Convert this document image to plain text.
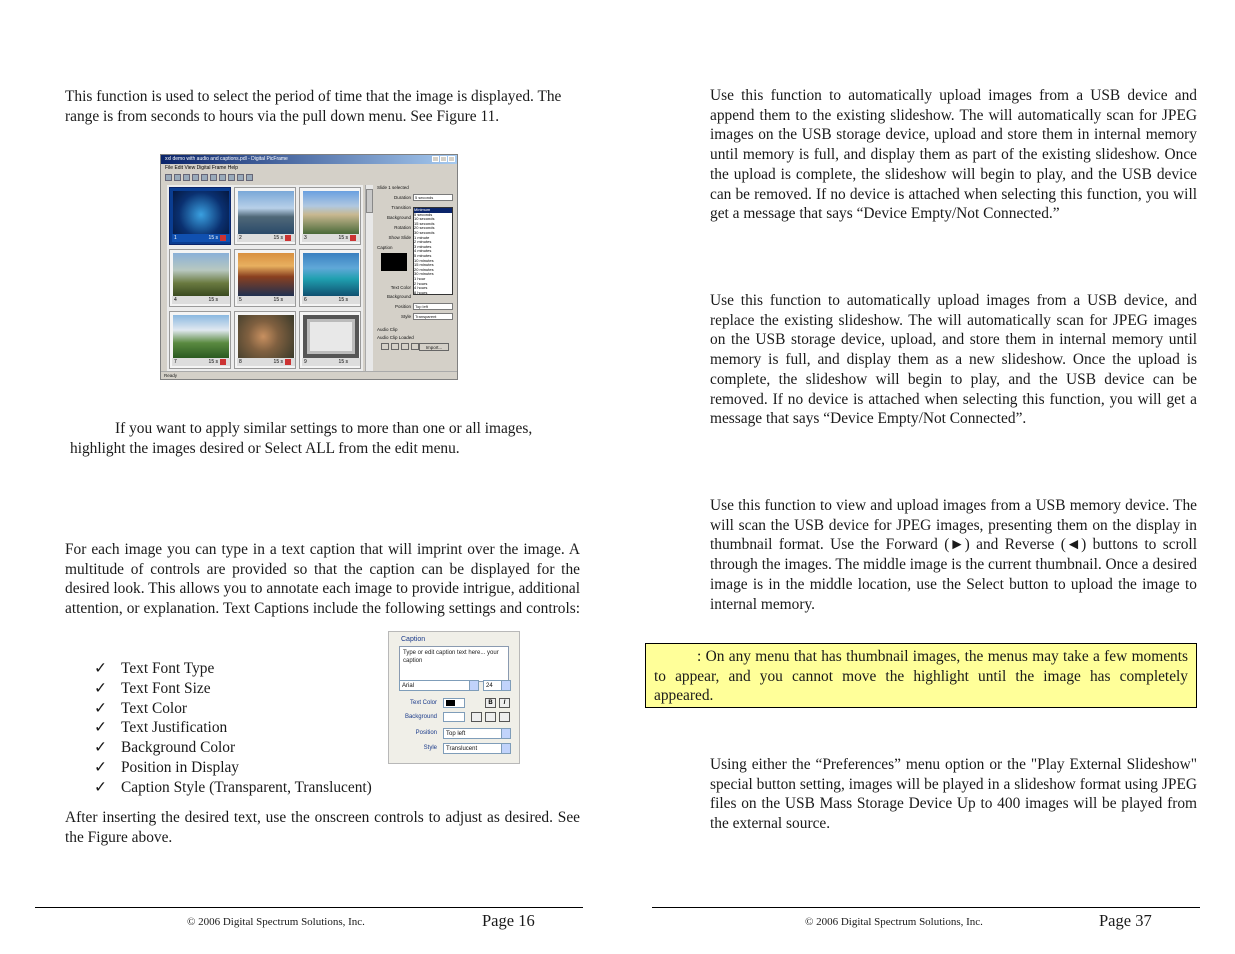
This function is used to select the period of time that the image is displayed. The range is from seconds to hours via the pull down menu. See Figure 11.

xxl demo with audio and captions.pdl - Digital PicFrame
File Edit View Digital Frame Help
1	15 s	2	15 s	3	15 s
4	15 s	5	15 s	6	15 s
7	15 s	8	15 s	9	15 s
Slide 1 selected
Duration	5 seconds
Transition
Background
Rotation
Show Slide
Caption
Text Color
Background
Position	Top left
Style	Transparent
Audio Clip
Audio Clip Loaded
Minimum
5 seconds
10 seconds
15 seconds
20 seconds
30 seconds
1 minute
2 minutes
3 minutes
4 minutes
5 minutes
10 minutes
15 minutes
20 minutes
30 minutes
1 hour
2 hours
4 hours
8 hours
Import...
Ready

If you want to apply similar settings to more than one or all images, highlight the images desired or Select ALL from the edit menu.

For each image you can type in a text caption that will imprint over the image. A multitude of controls are provided so that the caption can be displayed for the desired look. This allows you to annotate each image to provide intrigue, additional attention, or explanation. Text Captions include the following settings and controls:

Caption
Type or edit caption text here... your caption
Arial	24
Text Color	B	I
Background
Position	Top left
Style	Translucent
✓ Text Font Type
✓ Text Font Size
✓ Text Color
✓ Text Justification
✓ Background Color
✓ Position in Display
✓ Caption Style (Transparent, Translucent)

After inserting the desired text, use the onscreen controls to adjust as desired. See the Figure above.

© 2006 Digital Spectrum Solutions, Inc.	Page 16

Use this function to automatically upload images from a USB device and append them to the existing slideshow. The will automatically scan for JPEG images on the USB storage device, upload and store them in internal memory until memory is full, and display them as part of the existing slideshow. Once the upload is complete, the slideshow will begin to play, and the USB device can be removed. If no device is attached when selecting this function, you will get a message that says “Device Empty/Not Connected.”

Use this function to automatically upload images from a USB device, and replace the existing slideshow. The will automatically scan for JPEG images on the USB storage device, upload, and store them in internal memory until memory is full, and display them as a new slideshow. Once the upload is complete, the slideshow will begin to play, and the USB device can be removed. If no device is attached when selecting this function, you will get a message that says “Device Empty/Not Connected”.

Use this function to view and upload images from a USB memory device. The will scan the USB device for JPEG images, presenting them on the display in thumbnail format. Use the Forward (►) and Reverse (◄) buttons to scroll through the images. The middle image is the current thumbnail. Once a desired image is in the middle location, use the Select button to upload the image to internal memory.

: On any menu that has thumbnail images, the menus may take a few moments to appear, and you cannot move the highlight until the image has completely appeared.

Using either the “Preferences” menu option or the "Play External Slideshow" special button setting, images will be played in a slideshow format using JPEG files on the USB Mass Storage Device Up to 400 images will be played from the external source.

© 2006 Digital Spectrum Solutions, Inc.	Page 37
